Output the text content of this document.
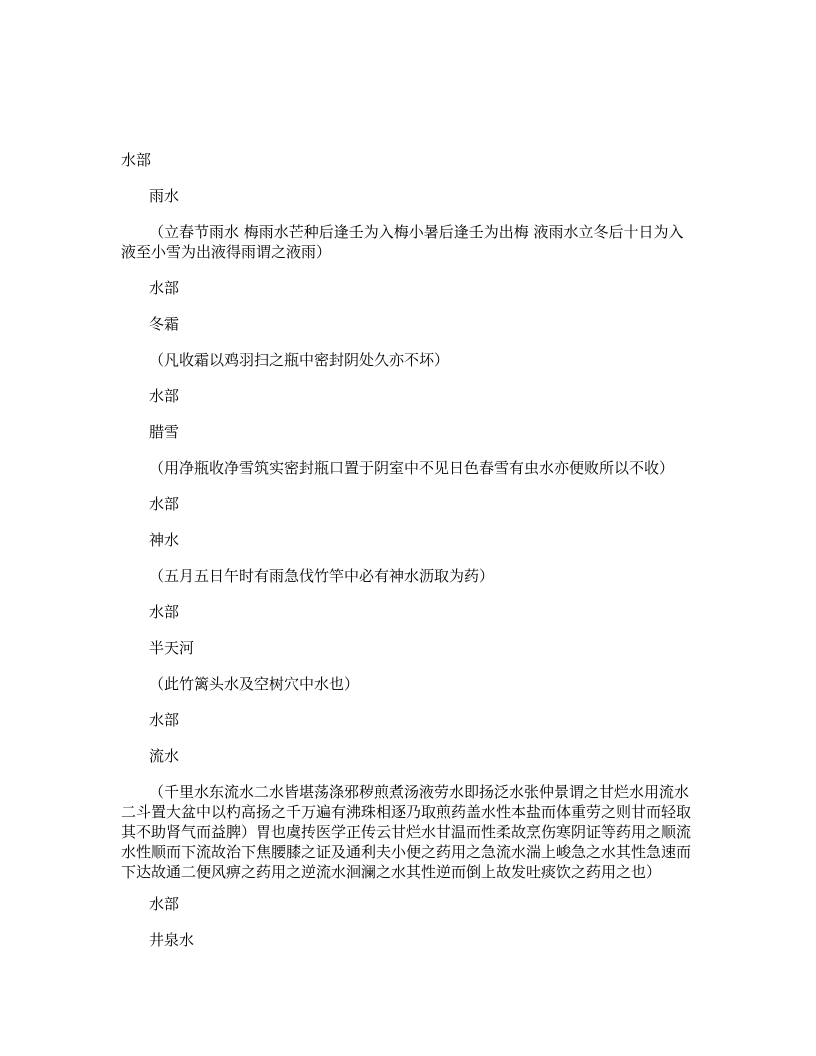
水部

雨水

（立春节雨水 梅雨水芒种后逢壬为入梅小暑后逢壬为出梅 液雨水立冬后十日为入液至小雪为出液得雨谓之液雨）

水部

冬霜

（凡收霜以鸡羽扫之瓶中密封阴处久亦不坏）

水部

腊雪

（用净瓶收净雪筑实密封瓶口置于阴室中不见日色春雪有虫水亦便败所以不收）

水部

神水

（五月五日午时有雨急伐竹竿中必有神水沥取为药）

水部

半天河

（此竹篱头水及空树穴中水也）

水部

流水

（千里水东流水二水皆堪荡涤邪秽煎煮汤液劳水即扬泛水张仲景谓之甘烂水用流水二斗置大盆中以杓高扬之千万遍有沸珠相逐乃取煎药盖水性本盐而体重劳之则甘而轻取其不助肾气而益脾）胃也虞抟医学正传云甘烂水甘温而性柔故烹伤寒阴证等药用之顺流水性顺而下流故治下焦腰膝之证及通利夫小便之药用之急流水湍上峻急之水其性急速而下达故通二便风痹之药用之逆流水洄澜之水其性逆而倒上故发吐痰饮之药用之也）

水部

井泉水
